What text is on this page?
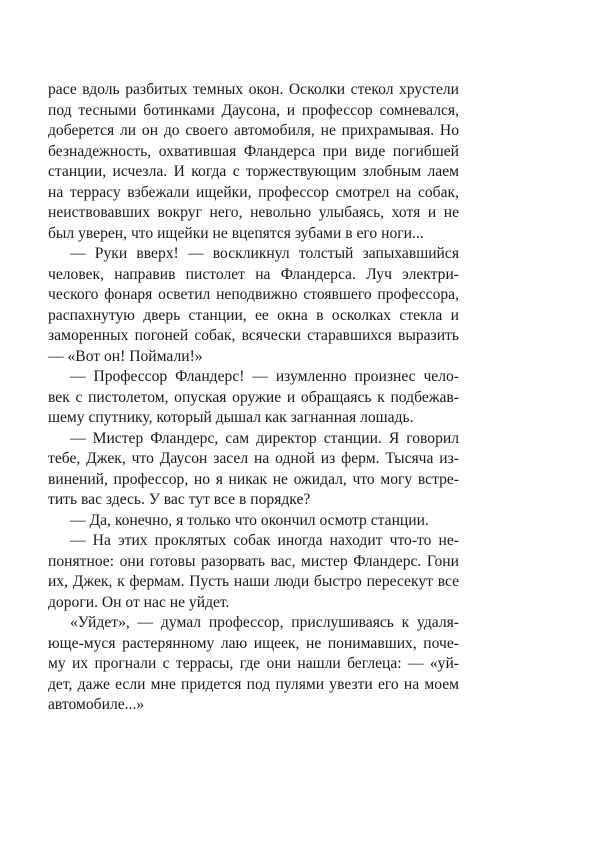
расе вдоль разбитых темных окон. Осколки стекол хрустели
под тесными ботинками Даусона, и профессор сомневался,
доберется ли он до своего автомобиля, не прихрамывая. Но
безнадежность, охватившая Фландерса при виде погибшей
станции, исчезла. И когда с торжествующим злобным лаем
на террасу взбежали ищейки, профессор смотрел на собак,
неиствовавших вокруг него, невольно улыбаясь, хотя и не
был уверен, что ищейки не вцепятся зубами в его ноги...
— Руки вверх! — воскликнул толстый запыхавшийся
человек, направив пистолет на Фландерса. Луч электри-
ческого фонаря осветил неподвижно стоявшего профессора,
распахнутую дверь станции, ее окна в осколках стекла и
заморенных погоней собак, всячески старавшихся выразить
— «Вот он! Поймали!»
— Профессор Фландерс! — изумленно произнес чело-
век с пистолетом, опуская оружие и обращаясь к подбежав-
шему спутнику, который дышал как загнанная лошадь.
— Мистер Фландерс, сам директор станции. Я говорил
тебе, Джек, что Даусон засел на одной из ферм. Тысяча из-
винений, профессор, но я никак не ожидал, что могу встре-
тить вас здесь. У вас тут все в порядке?
— Да, конечно, я только что окончил осмотр станции.
— На этих проклятых собак иногда находит что-то не-
понятное: они готовы разорвать вас, мистер Фландерс. Гони
их, Джек, к фермам. Пусть наши люди быстро пересекут все
дороги. Он от нас не уйдет.
«Уйдет», — думал профессор, прислушиваясь к удаля-
юще-муся растерянному лаю ищеек, не понимавших, поче-
му их прогнали с террасы, где они нашли беглеца: — «уй-
дет, даже если мне придется под пулями увезти его на моем
автомобиле...»
